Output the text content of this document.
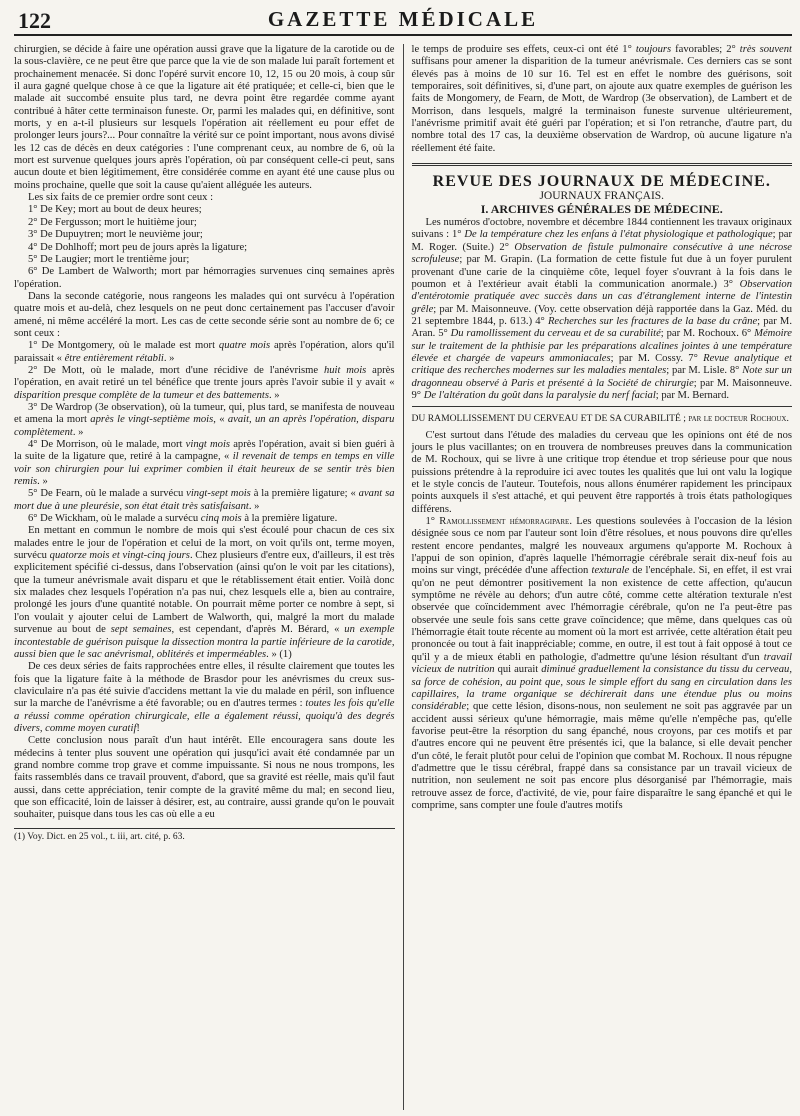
122	GAZETTE MÉDICALE

chirurgien, se décide à faire une opération aussi grave que la ligature de la carotide ou de la sous-clavière, ce ne peut être que parce que la vie de son malade lui paraît fortement et prochainement menacée. Si donc l'opéré survit encore 10, 12, 15 ou 20 mois, à coup sûr il aura gagné quelque chose à ce que la ligature ait été pratiquée; et celle-ci, bien que le malade ait succombé ensuite plus tard, ne devra point être regardée comme ayant contribué à hâter cette terminaison funeste. Or, parmi les malades qui, en définitive, sont morts, y en a-t-il plusieurs sur lesquels l'opération ait réellement eu pour effet de prolonger leurs jours?... Pour connaître la vérité sur ce point important, nous avons divisé les 12 cas de décès en deux catégories : l'une comprenant ceux, au nombre de 6, où la mort est survenue quelques jours après l'opération, où par conséquent celle-ci peut, sans aucun doute et bien légitimement, être considérée comme en ayant été une cause plus ou moins prochaine, quelle que soit la cause qu'aient alléguée les auteurs.

Les six faits de ce premier ordre sont ceux :

1° De Key; mort au bout de deux heures;

2° De Fergusson; mort le huitième jour;

3° De Dupuytren; mort le neuvième jour;

4° De Dohlhoff; mort peu de jours après la ligature;

5° De Laugier; mort le trentième jour;

6° De Lambert de Walworth; mort par hémorragies survenues cinq semaines après l'opération.

Dans la seconde catégorie, nous rangeons les malades qui ont survécu à l'opération quatre mois et au-delà, chez lesquels on ne peut donc certainement pas l'accuser d'avoir amené, ni même accéléré la mort. Les cas de cette seconde série sont au nombre de 6; ce sont ceux :

1° De Montgomery, où le malade est mort quatre mois après l'opération, alors qu'il paraissait « être entièrement rétabli. »

2° De Mott, où le malade, mort d'une récidive de l'anévrisme huit mois après l'opération, en avait retiré un tel bénéfice que trente jours après l'avoir subie il y avait « disparition presque complète de la tumeur et des battements. »

3° De Wardrop (3e observation), où la tumeur, qui, plus tard, se manifesta de nouveau et amena la mort après le vingt-septième mois, « avait, un an après l'opération, disparu complètement. »

4° De Morrison, où le malade, mort vingt mois après l'opération, avait si bien guéri à la suite de la ligature que, retiré à la campagne, « il revenait de temps en temps en ville voir son chirurgien pour lui exprimer combien il était heureux de se sentir très bien remis. »

5° De Fearn, où le malade a survécu vingt-sept mois à la première ligature; « avant sa mort due à une pleurésie, son état était très satisfaisant. »

6° De Wickham, où le malade a survécu cinq mois à la première ligature.

En mettant en commun le nombre de mois qui s'est écoulé pour chacun de ces six malades entre le jour de l'opération et celui de la mort, on voit qu'ils ont, terme moyen, survécu quatorze mois et vingt-cinq jours. Chez plusieurs d'entre eux, d'ailleurs, il est très explicitement spécifié ci-dessus, dans l'observation (ainsi qu'on le voit par les citations), que la tumeur anévrismale avait disparu et que le rétablissement était entier. Voilà donc six malades chez lesquels l'opération n'a pas nui, chez lesquels elle a, bien au contraire, prolongé les jours d'une quantité notable. On pourrait même porter ce nombre à sept, si l'on voulait y ajouter celui de Lambert de Walworth, qui, malgré la mort du malade survenue au bout de sept semaines, est cependant, d'après M. Bérard, « un exemple incontestable de guérison puisque la dissection montra la partie inférieure de la carotide, aussi bien que le sac anévrismal, oblitérés et imperméables. » (1)

De ces deux séries de faits rapprochées entre elles, il résulte clairement que toutes les fois que la ligature faite à la méthode de Brasdor pour les anévrismes du creux sus-claviculaire n'a pas été suivie d'accidens mettant la vie du malade en péril, son influence sur la marche de l'anévrisme a été favorable; ou en d'autres termes : toutes les fois qu'elle a réussi comme opération chirurgicale, elle a également réussi, quoiqu'à des degrés divers, comme moyen curatif!

Cette conclusion nous paraît d'un haut intérêt. Elle encouragera sans doute les médecins à tenter plus souvent une opération qui jusqu'ici avait été condamnée par un grand nombre comme trop grave et comme impuissante. Si nous ne nous trompons, les faits rassemblés dans ce travail prouvent, d'abord, que sa gravité est réelle, mais qu'il faut aussi, dans cette appréciation, tenir compte de la gravité même du mal; en second lieu, que son efficacité, loin de laisser à désirer, est, au contraire, aussi grande qu'on le pouvait souhaiter, puisque dans tous les cas où elle a eu

(1) Voy. Dict. en 25 vol., t. iii, art. cité, p. 63.

le temps de produire ses effets, ceux-ci ont été 1° toujours favorables; 2° très souvent suffisans pour amener la disparition de la tumeur anévrismale. Ces derniers cas se sont élevés pas à moins de 10 sur 16. Tel est en effet le nombre des guérisons, soit temporaires, soit définitives, si, d'une part, on ajoute aux quatre exemples de guérison les faits de Mongomery, de Fearn, de Mott, de Wardrop (3e observation), de Lambert et de Morrison, dans lesquels, malgré la terminaison funeste survenue ultérieurement, l'anévrisme primitif avait été guéri par l'opération; et si l'on retranche, d'autre part, du nombre total des 17 cas, la deuxième observation de Wardrop, où aucune ligature n'a réellement été faite.

REVUE DES JOURNAUX DE MÉDECINE.
JOURNAUX FRANÇAIS.
I. ARCHIVES GÉNÉRALES DE MÉDECINE.

Les numéros d'octobre, novembre et décembre 1844 contiennent les travaux originaux suivans : 1° De la température chez les enfans à l'état physiologique et pathologique; par M. Roger. (Suite.) 2° Observation de fistule pulmonaire consécutive à une nécrose scrofuleuse; par M. Grapin. (La formation de cette fistule fut due à un foyer purulent provenant d'une carie de la cinquième côte, lequel foyer s'ouvrant à la fois dans le poumon et à l'extérieur avait établi la communication anormale.) 3° Observation d'entérotomie pratiquée avec succès dans un cas d'étranglement interne de l'intestin grêle; par M. Maisonneuve. (Voy. cette observation déjà rapportée dans la Gaz. Méd. du 21 septembre 1844, p. 613.) 4° Recherches sur les fractures de la base du crâne; par M. Aran. 5° Du ramollissement du cerveau et de sa curabilité; par M. Rochoux. 6° Mémoire sur le traitement de la phthisie par les préparations alcalines jointes à une température élevée et chargée de vapeurs ammoniacales; par M. Cossy. 7° Revue analytique et critique des recherches modernes sur les maladies mentales; par M. Lisle. 8° Note sur un dragonneau observé à Paris et présenté à la Société de chirurgie; par M. Maisonneuve. 9° De l'altération du goût dans la paralysie du nerf facial; par M. Bernard.

DU RAMOLLISSEMENT DU CERVEAU ET DE SA CURABILITÉ ; par le docteur Rochoux.

C'est surtout dans l'étude des maladies du cerveau que les opinions ont été de nos jours le plus vacillantes; on en trouvera de nombreuses preuves dans la communication de M. Rochoux, qui se livre à une critique trop étendue et trop sérieuse pour que nous puissions prétendre à la reproduire ici avec toutes les qualités que lui ont valu la logique et le style concis de l'auteur. Toutefois, nous allons énumérer rapidement les principaux points auxquels il s'est attaché, et qui peuvent être rapportés à trois états pathologiques différens.

1° Ramollissement hémorragipare. Les questions soulevées à l'occasion de la lésion désignée sous ce nom par l'auteur sont loin d'être résolues, et nous pouvons dire qu'elles restent encore pendantes, malgré les nouveaux argumens qu'apporte M. Rochoux à l'appui de son opinion, d'après laquelle l'hémorragie cérébrale serait dix-neuf fois au moins sur vingt, précédée d'une affection texturale de l'encéphale. Si, en effet, il est vrai qu'on ne peut démontrer positivement la non existence de cette affection, qu'aucun symptôme ne révèle au dehors; d'un autre côté, comme cette altération texturale n'est observée que coïncidemment avec l'hémorragie cérébrale, qu'on ne l'a peut-être pas observée une seule fois sans cette grave coïncidence; que même, dans quelques cas où l'hémorragie était toute récente au moment où la mort est arrivée, cette altération était peu prononcée ou tout à fait inappréciable; comme, en outre, il est tout à fait opposé à tout ce qu'il y a de mieux établi en pathologie, d'admettre qu'une lésion résultant d'un travail vicieux de nutrition qui aurait diminué graduellement la consistance du tissu du cerveau, sa force de cohésion, au point que, sous le simple effort du sang en circulation dans les capillaires, la trame organique se déchirerait dans une étendue plus ou moins considérable; que cette lésion, disons-nous, non seulement ne soit pas aggravée par un accident aussi sérieux qu'une hémorragie, mais même qu'elle n'empêche pas, qu'elle favorise peut-être la résorption du sang épanché, nous croyons, par ces motifs et par d'autres encore qui ne peuvent être présentés ici, que la balance, si elle devait pencher d'un côté, le ferait plutôt pour celui de l'opinion que combat M. Rochoux. Il nous répugne d'admettre que le tissu cérébral, frappé dans sa consistance par un travail vicieux de nutrition, non seulement ne soit pas encore plus désorganisé par l'hémorragie, mais retrouve assez de force, d'activité, de vie, pour faire disparaître le sang épanché et qui le comprime, sans compter une foule d'autres motifs
